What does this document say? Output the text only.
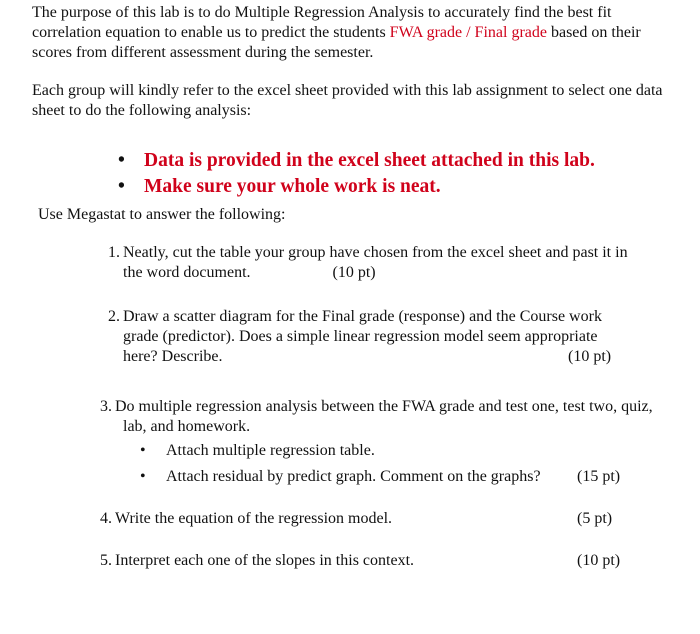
The purpose of this lab is to do Multiple Regression Analysis to accurately find the best fit correlation equation to enable us to predict the students FWA grade / Final grade based on their scores from different assessment during the semester.

Each group will kindly refer to the excel sheet provided with this lab assignment to select one data sheet to do the following analysis:

• Data is provided in the excel sheet attached in this lab.
• Make sure your whole work is neat.

Use Megastat to answer the following:

1. Neatly, cut the table your group have chosen from the excel sheet and past it in
the word document.	(10 pt)
2. Draw a scatter diagram for the Final grade (response) and the Course work
grade (predictor). Does a simple linear regression model seem appropriate
here? Describe.	(10 pt)
3. Do multiple regression analysis between the FWA grade and test one, test two, quiz,
lab, and homework.
•	Attach multiple regression table.
•	Attach residual by predict graph. Comment on the graphs? (15 pt)
4. Write the equation of the regression model.	(5 pt)
5. Interpret each one of the slopes in this context.	(10 pt)
